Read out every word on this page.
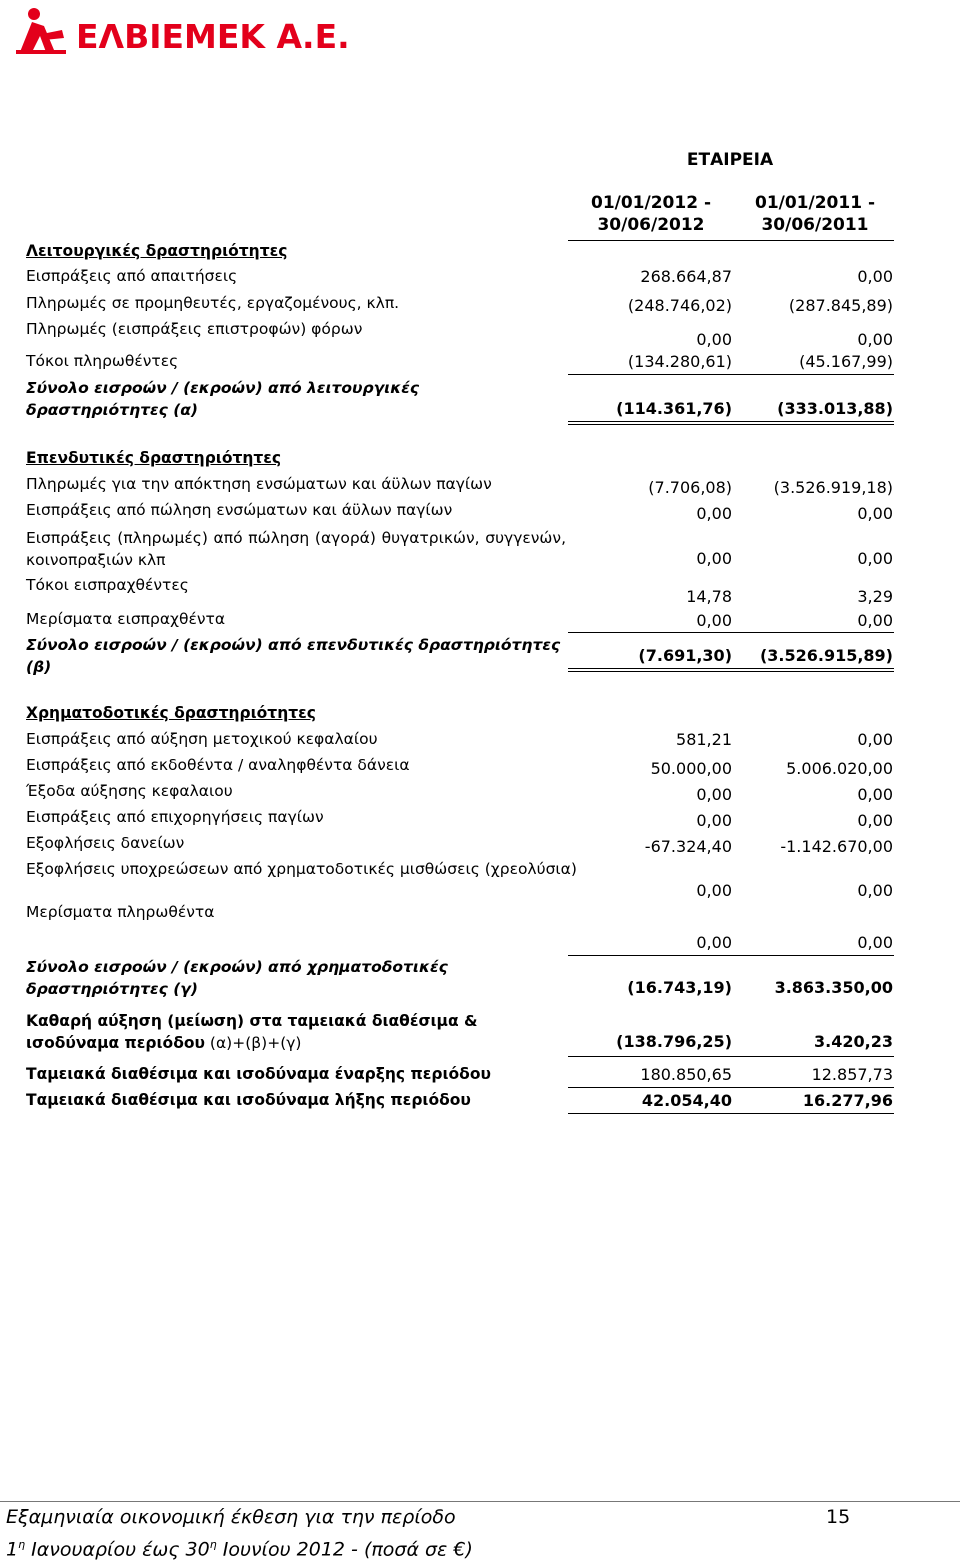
ΕΛΒΙΕΜΕΚ Α.Ε.
ΕΤΑΙΡΕΙΑ
01/01/2012 - 30/06/2012
01/01/2011 - 30/06/2011
Λειτουργικές δραστηριότητες
Εισπράξεις από απαιτήσεις	268.664,87	0,00
Πληρωμές σε προμηθευτές, εργαζομένους, κλπ.	(248.746,02)	(287.845,89)
Πληρωμές (εισπράξεις επιστροφών) φόρων
0,00	0,00
Τόκοι πληρωθέντες	(134.280,61)	(45.167,99)
Σύνολο εισροών / (εκροών) από λειτουργικές δραστηριότητες (α)	(114.361,76)	(333.013,88)
Επενδυτικές δραστηριότητες
Πληρωμές για την απόκτηση ενσώματων και άϋλων παγίων	(7.706,08)	(3.526.919,18)
Εισπράξεις από πώληση ενσώματων και άϋλων παγίων	0,00	0,00
Εισπράξεις (πληρωμές) από πώληση (αγορά) θυγατρικών, συγγενών, κοινοπραξιών κλπ	0,00	0,00
Τόκοι εισπραχθέντες
14,78	3,29
Μερίσματα εισπραχθέντα	0,00	0,00
Σύνολο εισροών / (εκροών) από επενδυτικές δραστηριότητες (β)
(7.691,30) (3.526.915,89)
Χρηματοδοτικές δραστηριότητες
Εισπράξεις από αύξηση μετοχικού κεφαλαίου	581,21	0,00
Εισπράξεις από εκδοθέντα / αναληφθέντα δάνεια	50.000,00	5.006.020,00
Έξοδα αύξησης κεφαλαιου	0,00	0,00
Εισπράξεις από επιχορηγήσεις παγίων	0,00	0,00
Εξοφλήσεις δανείων	-67.324,40	-1.142.670,00
Εξοφλήσεις υποχρεώσεων από χρηματοδοτικές μισθώσεις (χρεολύσια)
0,00	0,00
Μερίσματα πληρωθέντα
0,00	0,00
Σύνολο εισροών / (εκροών) από χρηματοδοτικές δραστηριότητες (γ)	(16.743,19)	3.863.350,00
Καθαρή αύξηση (μείωση) στα ταμειακά διαθέσιμα & ισοδύναμα περιόδου (α)+(β)+(γ)	(138.796,25)	3.420,23
Ταμειακά διαθέσιμα και ισοδύναμα έναρξης περιόδου	180.850,65	12.857,73
Ταμειακά διαθέσιμα και ισοδύναμα λήξης περιόδου	42.054,40	16.277,96
Εξαμηνιαία οικονομική έκθεση για την περίοδο	15
$1^\eta$ Ιανουαρίου έως $30^\eta$ Ιουνίου 2012 - (ποσά σε €)
